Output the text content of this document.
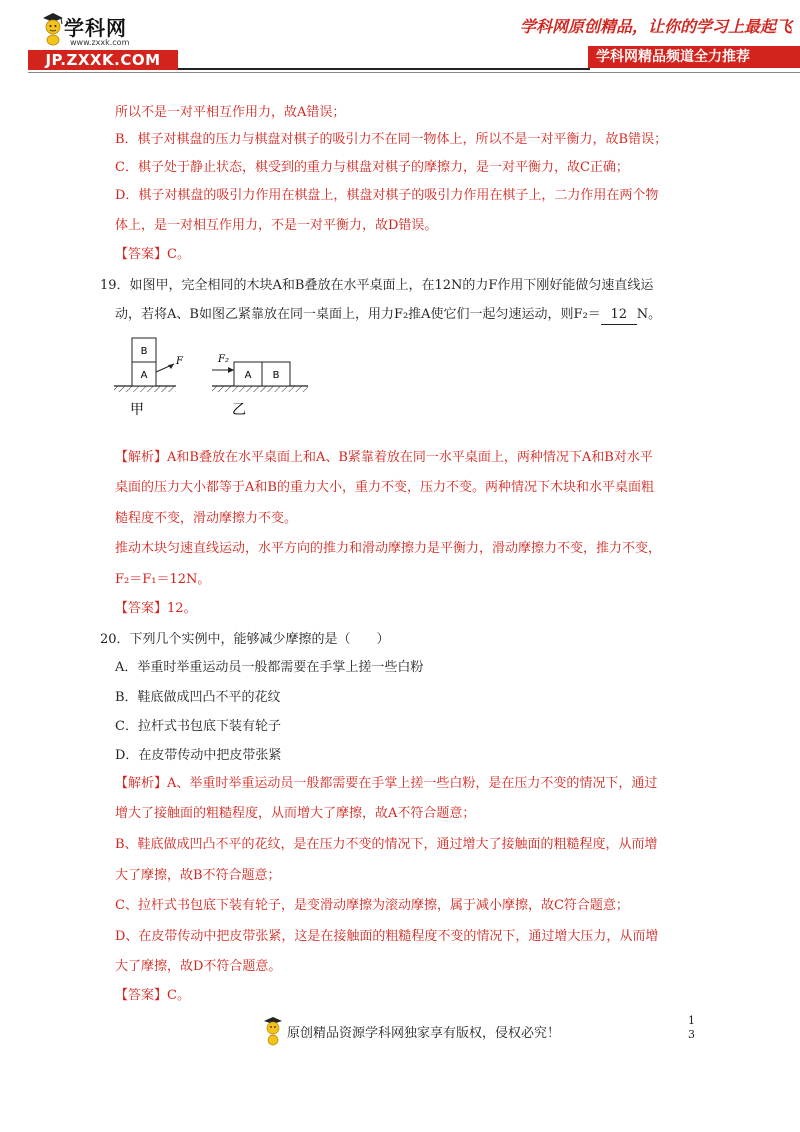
学科网
www.zxxk.com
JP.ZXXK.COM
学科网原创精品，让你的学习上最起飞
学科网精品频道全力推荐
所以不是一对平相互作用力，故A错误；
B．棋子对棋盘的压力与棋盘对棋子的吸引力不在同一物体上，所以不是一对平衡力，故B错误；
C．棋子处于静止状态，棋受到的重力与棋盘对棋子的摩擦力，是一对平衡力，故C正确；
D．棋子对棋盘的吸引力作用在棋盘上，棋盘对棋子的吸引力作用在棋子上，二力作用在两个物
体上，是一对相互作用力，不是一对平衡力，故D错误。
【答案】C。
19．如图甲，完全相同的木块A和B叠放在水平桌面上，在12N的力F作用下刚好能做匀速直线运
动，若将A、B如图乙紧靠放在同一桌面上，用力F₂推A使它们一起匀速运动，则F₂＝ 12 N。
B
A
F
甲
A B
F₂
乙
【解析】A和B叠放在水平桌面上和A、B紧靠着放在同一水平桌面上，两种情况下A和B对水平
桌面的压力大小都等于A和B的重力大小，重力不变，压力不变。两种情况下木块和水平桌面粗
糙程度不变，滑动摩擦力不变。
推动木块匀速直线运动，水平方向的推力和滑动摩擦力是平衡力，滑动摩擦力不变，推力不变，
F₂＝F₁＝12N。
【答案】12。
20．下列几个实例中，能够减少摩擦的是（　　）
A．举重时举重运动员一般都需要在手掌上搓一些白粉
B．鞋底做成凹凸不平的花纹
C．拉杆式书包底下装有轮子
D．在皮带传动中把皮带张紧
【解析】A、举重时举重运动员一般都需要在手掌上搓一些白粉，是在压力不变的情况下，通过
增大了接触面的粗糙程度，从而增大了摩擦，故A不符合题意；
B、鞋底做成凹凸不平的花纹，是在压力不变的情况下，通过增大了接触面的粗糙程度，从而增
大了摩擦，故B不符合题意；
C、拉杆式书包底下装有轮子，是变滑动摩擦为滚动摩擦，属于减小摩擦，故C符合题意；
D、在皮带传动中把皮带张紧，这是在接触面的粗糙程度不变的情况下，通过增大压力，从而增
大了摩擦，故D不符合题意。
【答案】C。
原创精品资源学科网独家享有版权，侵权必究！
1
3
